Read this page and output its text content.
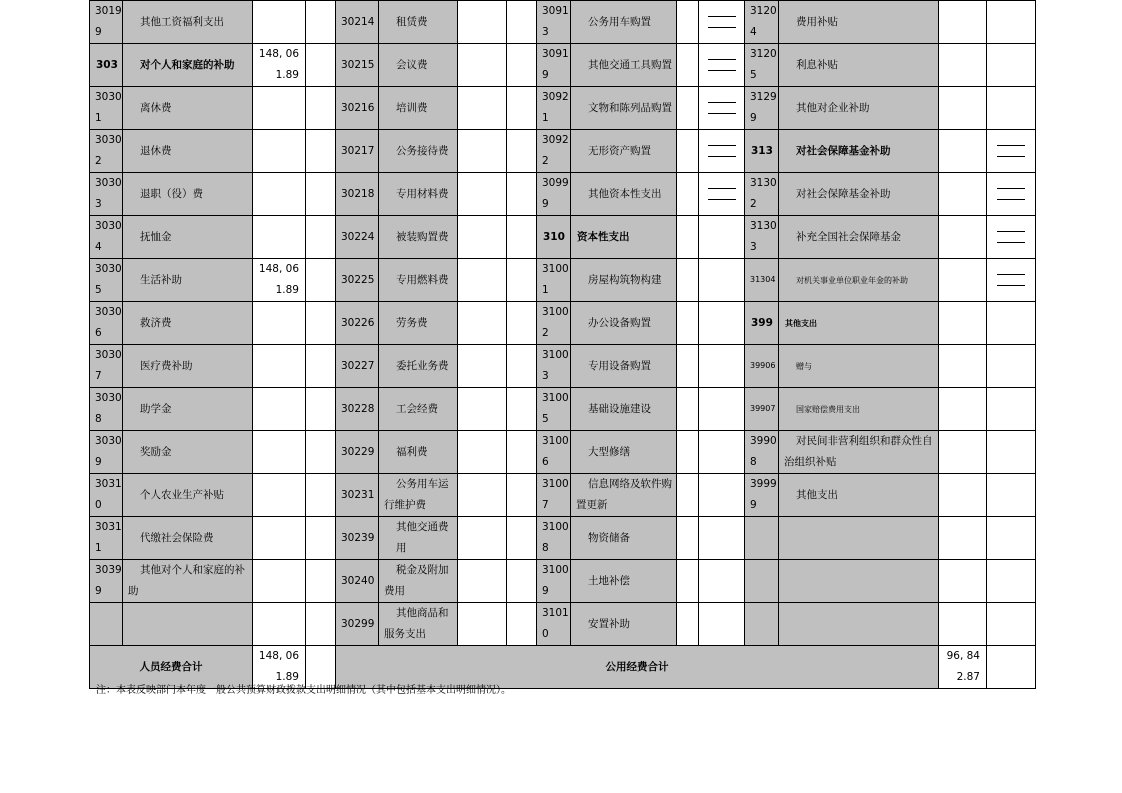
30199	其他工资福利支出			30214	租赁费			30913	公务用车购置			31204	费用补贴		
303	对个人和家庭的补助	148, 061.89		30215	会议费			30919	其他交通工具购置			31205	利息补贴		
30301	离休费			30216	培训费			30921	文物和陈列品购置			31299	其他对企业补助		
30302	退休费			30217	公务接待费			30922	无形资产购置			313	对社会保障基金补助		

30303	退职（役）费			30218	专用材料费			30999	其他资本性支出			31302	对社会保障基金补助		

30304	抚恤金			30224	被装购置费			310	资本性支出			31303	补充全国社会保障基金		

30305	生活补助	148, 061.89		30225	专用燃料费			31001	房屋构筑物构建			31304	对机关事业单位职业年金的补助		

30306	救济费			30226	劳务费			31002	办公设备购置			399	其他支出		
30307	医疗费补助			30227	委托业务费			31003	专用设备购置			39906	赠与		
30308	助学金			30228	工会经费			31005	基础设施建设			39907	国家赔偿费用支出		
30309	奖励金			30229	福利费			31006	大型修缮			39908	对民间非营利组织和群众性自治组织补贴		
30310	个人农业生产补贴			30231	公务用车运行维护费			31007	信息网络及软件购置更新			39999	其他支出		
30311	代缴社会保险费			30239	其他交通费用			31008	物资储备						
30399	其他对个人和家庭的补助			30240	税金及附加费用			31009	土地补偿						
				30299	其他商品和服务支出			31010	安置补助						
人员经费合计		148, 061.89		公用经费合计										96, 842.87	
注：本表反映部门本年度一般公共预算财政拨款支出明细情况（其中包括基本支出明细情况）。
